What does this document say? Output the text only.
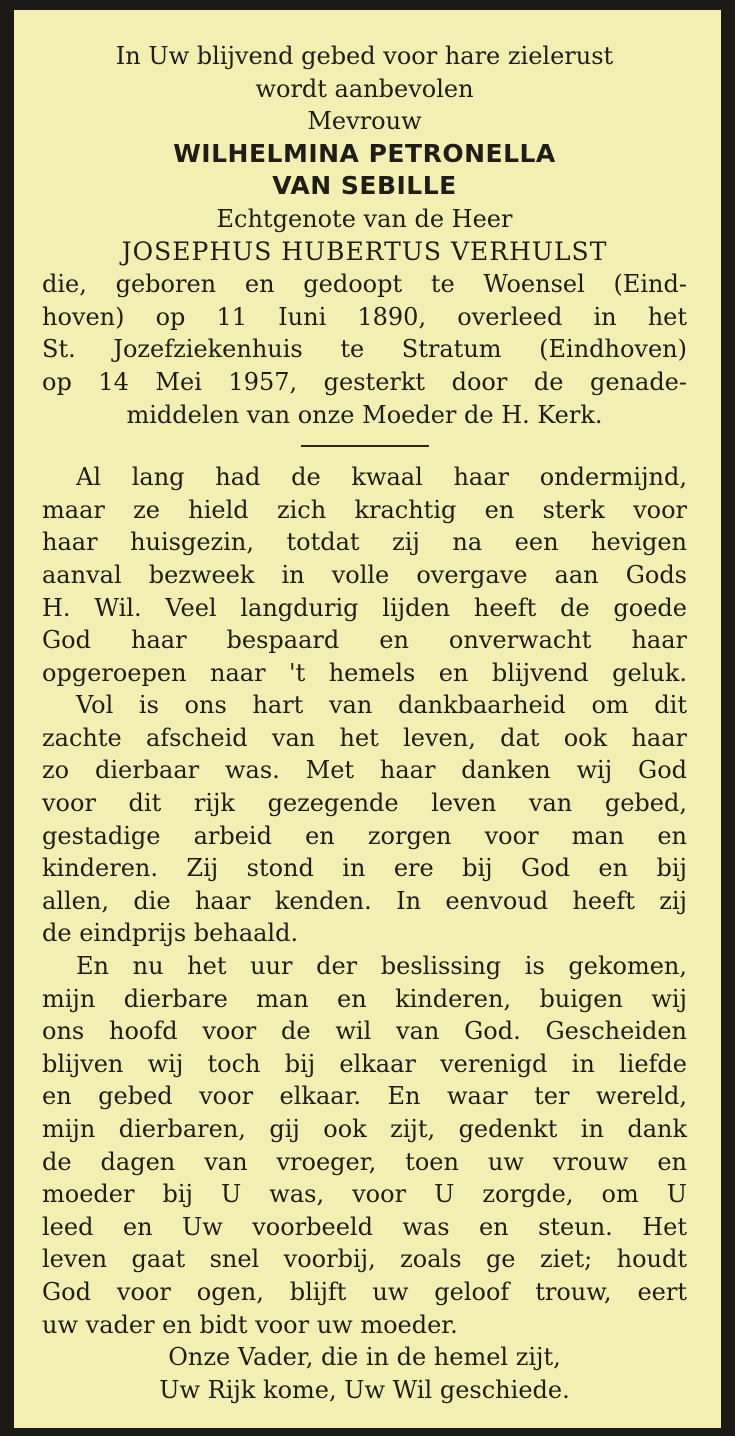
In Uw blijvend gebed voor hare zielerust

wordt aanbevolen

Mevrouw

WILHELMINA PETRONELLA

VAN SEBILLE

Echtgenote van de Heer

JOSEPHUS HUBERTUS VERHULST

die, geboren en gedoopt te Woensel (Eind-

hoven) op 11 Iuni 1890, overleed in het

St. Jozefziekenhuis te Stratum (Eindhoven)

op 14 Mei 1957, gesterkt door de genade-

middelen van onze Moeder de H. Kerk.

Al lang had de kwaal haar ondermijnd,

maar ze hield zich krachtig en sterk voor

haar huisgezin, totdat zij na een hevigen

aanval bezweek in volle overgave aan Gods

H. Wil. Veel langdurig lijden heeft de goede

God haar bespaard en onverwacht haar

opgeroepen naar 't hemels en blijvend geluk.

Vol is ons hart van dankbaarheid om dit

zachte afscheid van het leven, dat ook haar

zo dierbaar was. Met haar danken wij God

voor dit rijk gezegende leven van gebed,

gestadige arbeid en zorgen voor man en

kinderen. Zij stond in ere bij God en bij

allen, die haar kenden. In eenvoud heeft zij

de eindprijs behaald.

En nu het uur der beslissing is gekomen,

mijn dierbare man en kinderen, buigen wij

ons hoofd voor de wil van God. Gescheiden

blijven wij toch bij elkaar verenigd in liefde

en gebed voor elkaar. En waar ter wereld,

mijn dierbaren, gij ook zijt, gedenkt in dank

de dagen van vroeger, toen uw vrouw en

moeder bij U was, voor U zorgde, om U

leed en Uw voorbeeld was en steun. Het

leven gaat snel voorbij, zoals ge ziet; houdt

God voor ogen, blijft uw geloof trouw, eert

uw vader en bidt voor uw moeder.

Onze Vader, die in de hemel zijt,

Uw Rijk kome, Uw Wil geschiede.
